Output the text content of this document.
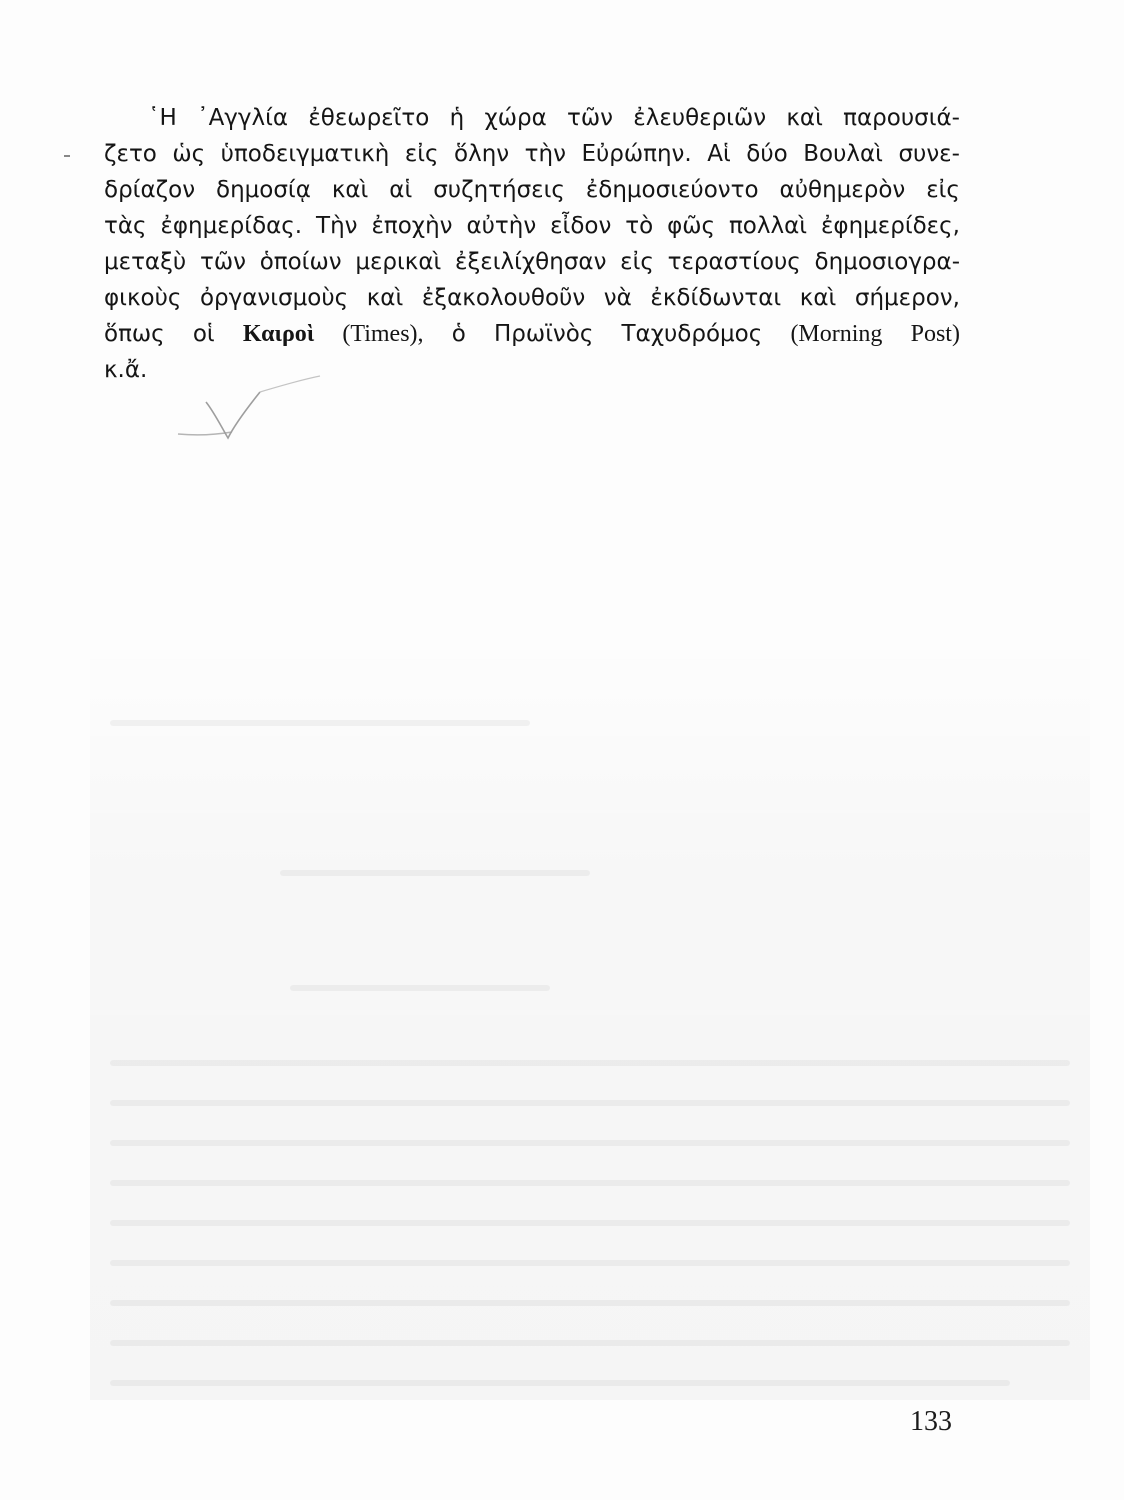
῾Η ᾿Αγγλία ἐθεωρεῖτο ἡ χώρα τῶν ἐλευθεριῶν καὶ παρουσιά-
ζετο ὡς ὑποδειγματικὴ εἰς ὅλην τὴν Εὐρώπην. Αἱ δύο Βουλαὶ συνε-
δρίαζον δημοσίᾳ καὶ αἱ συζητήσεις ἐδημοσιεύοντο αὐθημερὸν εἰς
τὰς ἐφημερίδας. Τὴν ἐποχὴν αὐτὴν εἶδον τὸ φῶς πολλαὶ ἐφημερίδες,
μεταξὺ τῶν ὁποίων μερικαὶ ἐξειλίχθησαν εἰς τεραστίους δημοσιογρα-
φικοὺς ὀργανισμοὺς καὶ ἐξακολουθοῦν νὰ ἐκδίδωνται καὶ σήμερον,
ὅπως οἱ Καιροὶ (Times), ὁ Πρωϊνὸς Ταχυδρόμος (Morning Post)
κ.ἄ.
133
